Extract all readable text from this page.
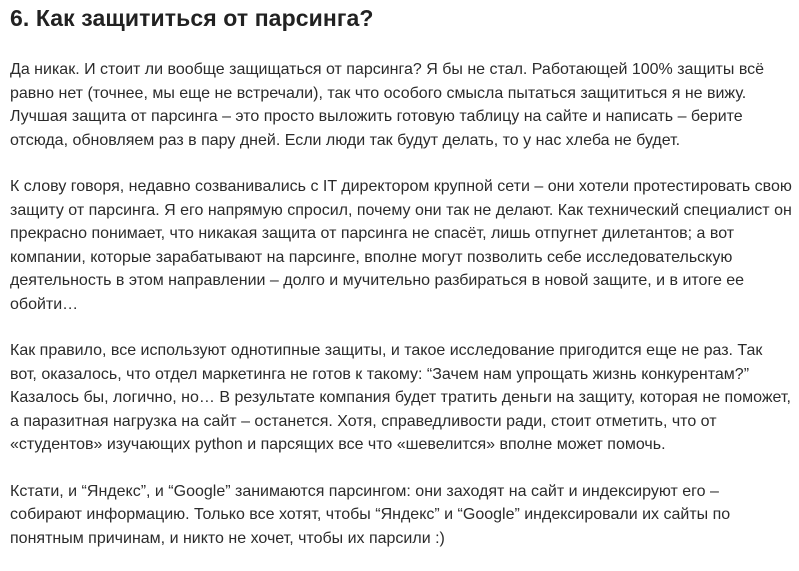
6. Как защититься от парсинга?

Да никак. И стоит ли вообще защищаться от парсинга? Я бы не стал. Работающей 100% защиты всё равно нет (точнее, мы еще не встречали), так что особого смысла пытаться защититься я не вижу. Лучшая защита от парсинга – это просто выложить готовую таблицу на сайте и написать – берите отсюда, обновляем раз в пару дней. Если люди так будут делать, то у нас хлеба не будет.

К слову говоря, недавно созванивались с IT директором крупной сети – они хотели протестировать свою защиту от парсинга. Я его напрямую спросил, почему они так не делают. Как технический специалист он прекрасно понимает, что никакая защита от парсинга не спасёт, лишь отпугнет дилетантов; а вот компании, которые зарабатывают на парсинге, вполне могут позволить себе исследовательскую деятельность в этом направлении – долго и мучительно разбираться в новой защите, и в итоге ее обойти…

Как правило, все используют однотипные защиты, и такое исследование пригодится еще не раз. Так вот, оказалось, что отдел маркетинга не готов к такому: “Зачем нам упрощать жизнь конкурентам?” Казалось бы, логично, но… В результате компания будет тратить деньги на защиту, которая не поможет, а паразитная нагрузка на сайт – останется. Хотя, справедливости ради, стоит отметить, что от «студентов» изучающих python и парсящих все что «шевелится» вполне может помочь.

Кстати, и “Яндекс”, и “Google” занимаются парсингом: они заходят на сайт и индексируют его – собирают информацию. Только все хотят, чтобы “Яндекс” и “Google” индексировали их сайты по понятным причинам, и никто не хочет, чтобы их парсили :)
